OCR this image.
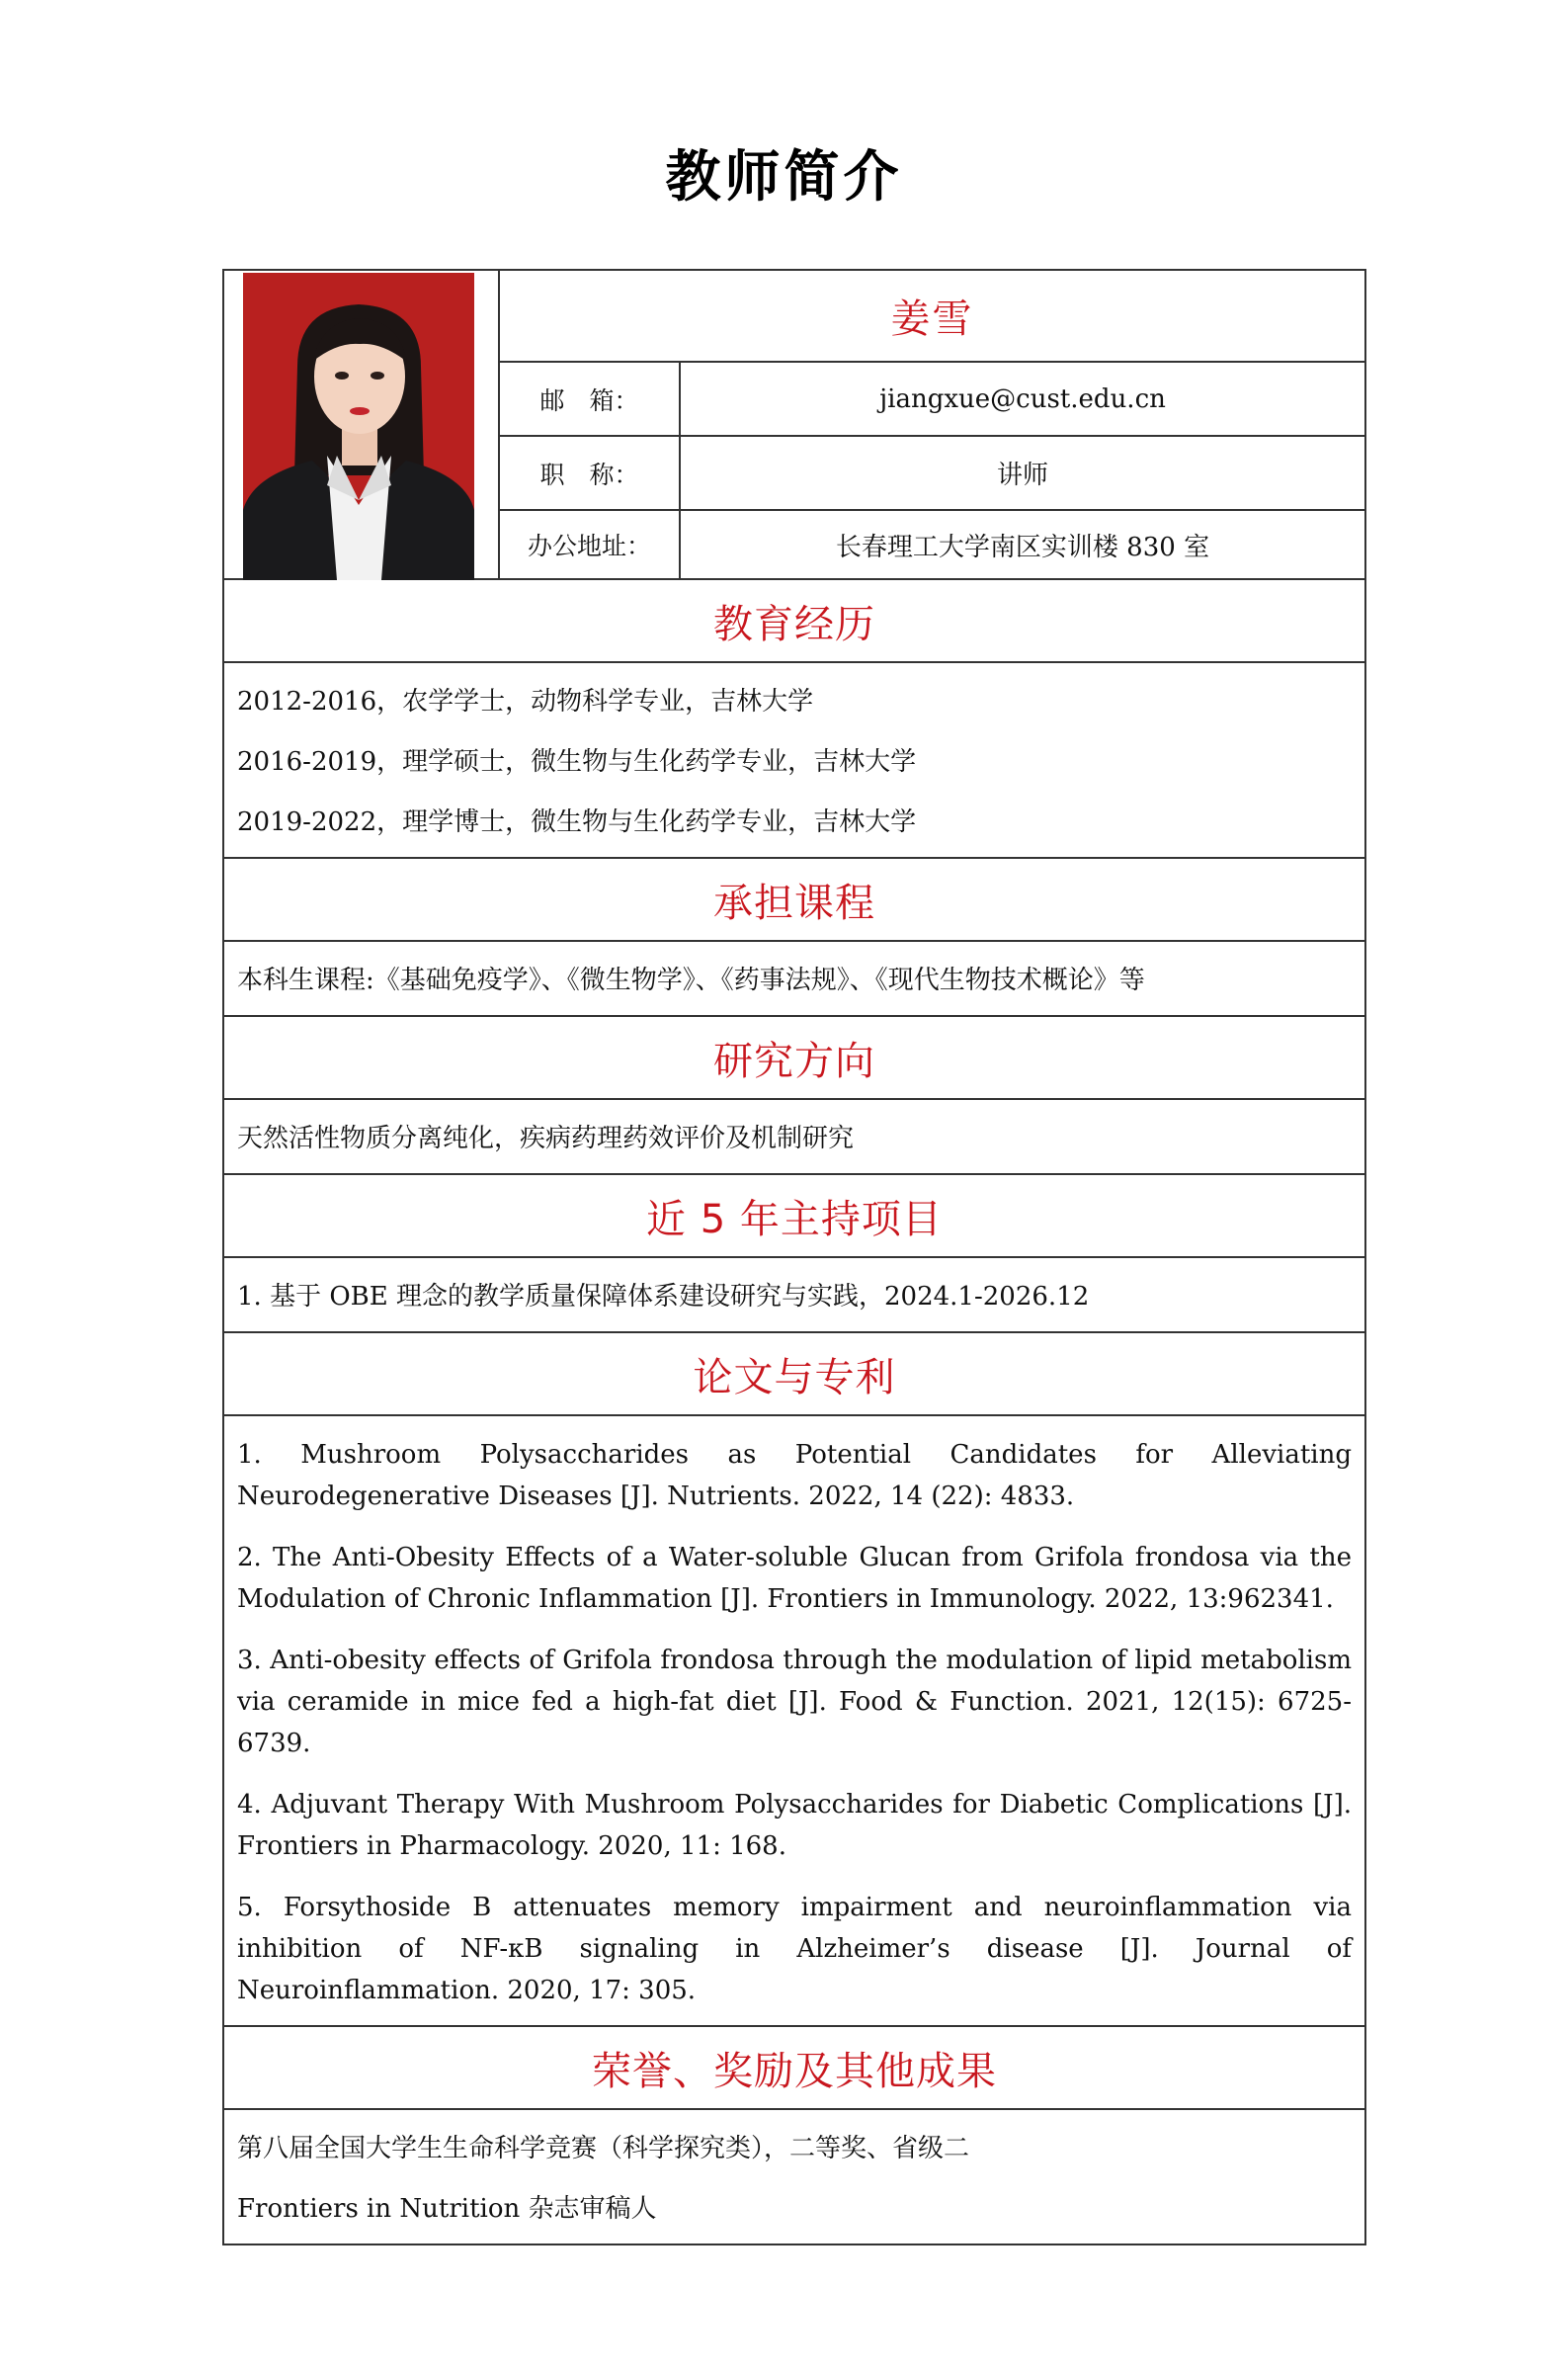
教师简介
姜雪
邮　箱：	jiangxue@cust.edu.cn
职　称：	讲师
办公地址：	长春理工大学南区实训楼 830 室
教育经历

2012-2016，农学学士，动物科学专业，吉林大学

2016-2019，理学硕士，微生物与生化药学专业，吉林大学

2019-2022，理学博士，微生物与生化药学专业，吉林大学

承担课程

本科生课程:《基础免疫学》、《微生物学》、《药事法规》、《现代生物技术概论》等

研究方向

天然活性物质分离纯化，疾病药理药效评价及机制研究

近 5 年主持项目

1. 基于 OBE 理念的教学质量保障体系建设研究与实践，2024.1-2026.12

论文与专利

1. Mushroom Polysaccharides as Potential Candidates for Alleviating Neurodegenerative Diseases [J]. Nutrients. 2022, 14 (22): 4833.

2. The Anti-Obesity Effects of a Water-soluble Glucan from Grifola frondosa via the Modulation of Chronic Inflammation [J]. Frontiers in Immunology. 2022, 13:962341.

3. Anti-obesity effects of Grifola frondosa through the modulation of lipid metabolism via ceramide in mice fed a high-fat diet [J]. Food & Function. 2021, 12(15): 6725-6739.

4. Adjuvant Therapy With Mushroom Polysaccharides for Diabetic Complications [J]. Frontiers in Pharmacology. 2020, 11: 168.

5. Forsythoside B attenuates memory impairment and neuroinflammation via inhibition of NF-κB signaling in Alzheimer’s disease [J]. Journal of Neuroinflammation. 2020, 17: 305.

荣誉、奖励及其他成果

第八届全国大学生生命科学竞赛（科学探究类），二等奖、省级二

Frontiers in Nutrition 杂志审稿人
